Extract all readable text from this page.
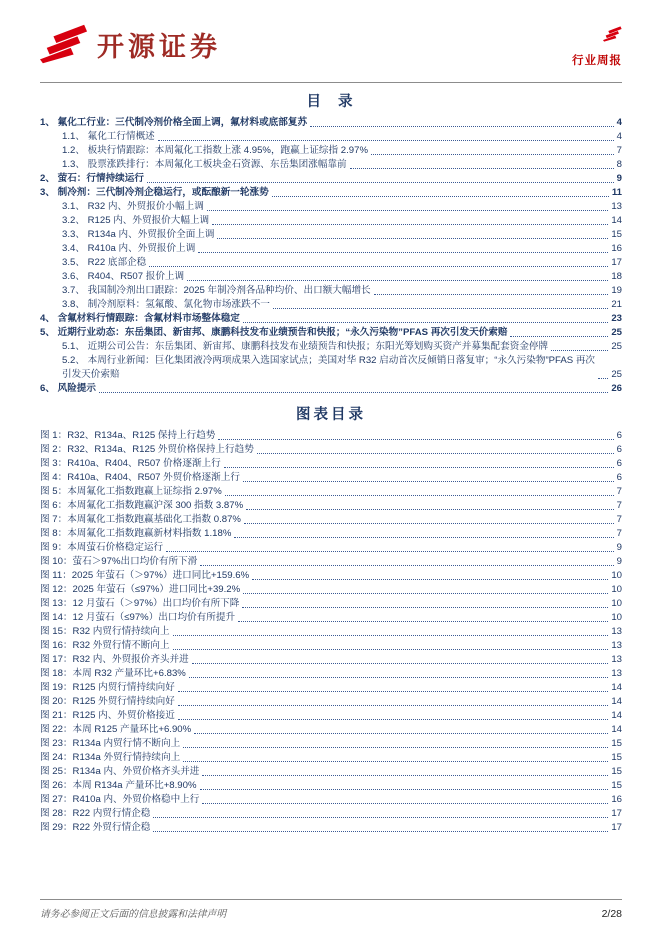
开源证券	行业周报
目  录
1、 氟化工行业：三代制冷剂价格全面上调，氟材料或底部复苏	4
1.1、 氟化工行情概述	4
1.2、 板块行情跟踪：本周氟化工指数上涨 4.95%，跑赢上证综指 2.97%	7
1.3、 股票涨跌排行：本周氟化工板块金石资源、东岳集团涨幅靠前	8
2、 萤石：行情持续运行	9
3、 制冷剂：三代制冷剂企稳运行，或酝酿新一轮涨势	11
3.1、 R32 内、外贸报价小幅上调	13
3.2、 R125 内、外贸报价大幅上调	14
3.3、 R134a 内、外贸报价全面上调	15
3.4、 R410a 内、外贸报价上调	16
3.5、 R22 底部企稳	17
3.6、 R404、R507 报价上调	18
3.7、 我国制冷剂出口跟踪：2025 年制冷剂各品种均价、出口额大幅增长	19
3.8、 制冷剂原料：氢氟酸、氯化物市场涨跌不一	21
4、 含氟材料行情跟踪：含氟材料市场整体稳定	23
5、 近期行业动态：东岳集团、新宙邦、康鹏科技发布业绩预告和快报；“永久污染物”PFAS 再次引发天价索赔	25
5.1、 近期公司公告：东岳集团、新宙邦、康鹏科技发布业绩预告和快报；东阳光筹划购买资产并募集配套资金停牌	25
5.2、 本周行业新闻：巨化集团液冷两项成果入选国家试点；美国对华 R32 启动首次反倾销日落复审；“永久污染物”PFAS 再次引发天价索赔	25
6、 风险提示	26
图表目录
图 1：R32、R134a、R125 保持上行趋势	6
图 2：R32、R134a、R125 外贸价格保持上行趋势	6
图 3：R410a、R404、R507 价格逐渐上行	6
图 4：R410a、R404、R507 外贸价格逐渐上行	6
图 5：本周氟化工指数跑赢上证综指 2.97%	7
图 6：本周氟化工指数跑赢沪深 300 指数 3.87%	7
图 7：本周氟化工指数跑赢基础化工指数 0.87%	7
图 8：本周氟化工指数跑赢新材料指数 1.18%	7
图 9：本周萤石价格稳定运行	9
图 10：萤石＞97%出口均价有所下滑	9
图 11：2025 年萤石（＞97%）进口同比+159.6%	10
图 12：2025 年萤石（≤97%）进口同比+39.2%	10
图 13：12 月萤石（＞97%）出口均价有所下降	10
图 14：12 月萤石（≤97%）出口均价有所提升	10
图 15：R32 内贸行情持续向上	13
图 16：R32 外贸行情不断向上	13
图 17：R32 内、外贸报价齐头并进	13
图 18：本周 R32 产量环比+6.83%	13
图 19：R125 内贸行情持续向好	14
图 20：R125 外贸行情持续向好	14
图 21：R125 内、外贸价格接近	14
图 22：本周 R125 产量环比+6.90%	14
图 23：R134a 内贸行情不断向上	15
图 24：R134a 外贸行情持续向上	15
图 25：R134a 内、外贸价格齐头并进	15
图 26：本周 R134a 产量环比+8.90%	15
图 27：R410a 内、外贸价格稳中上行	16
图 28：R22 内贸行情企稳	17
图 29：R22 外贸行情企稳	17
请务必参阅正文后面的信息披露和法律声明	2/28
